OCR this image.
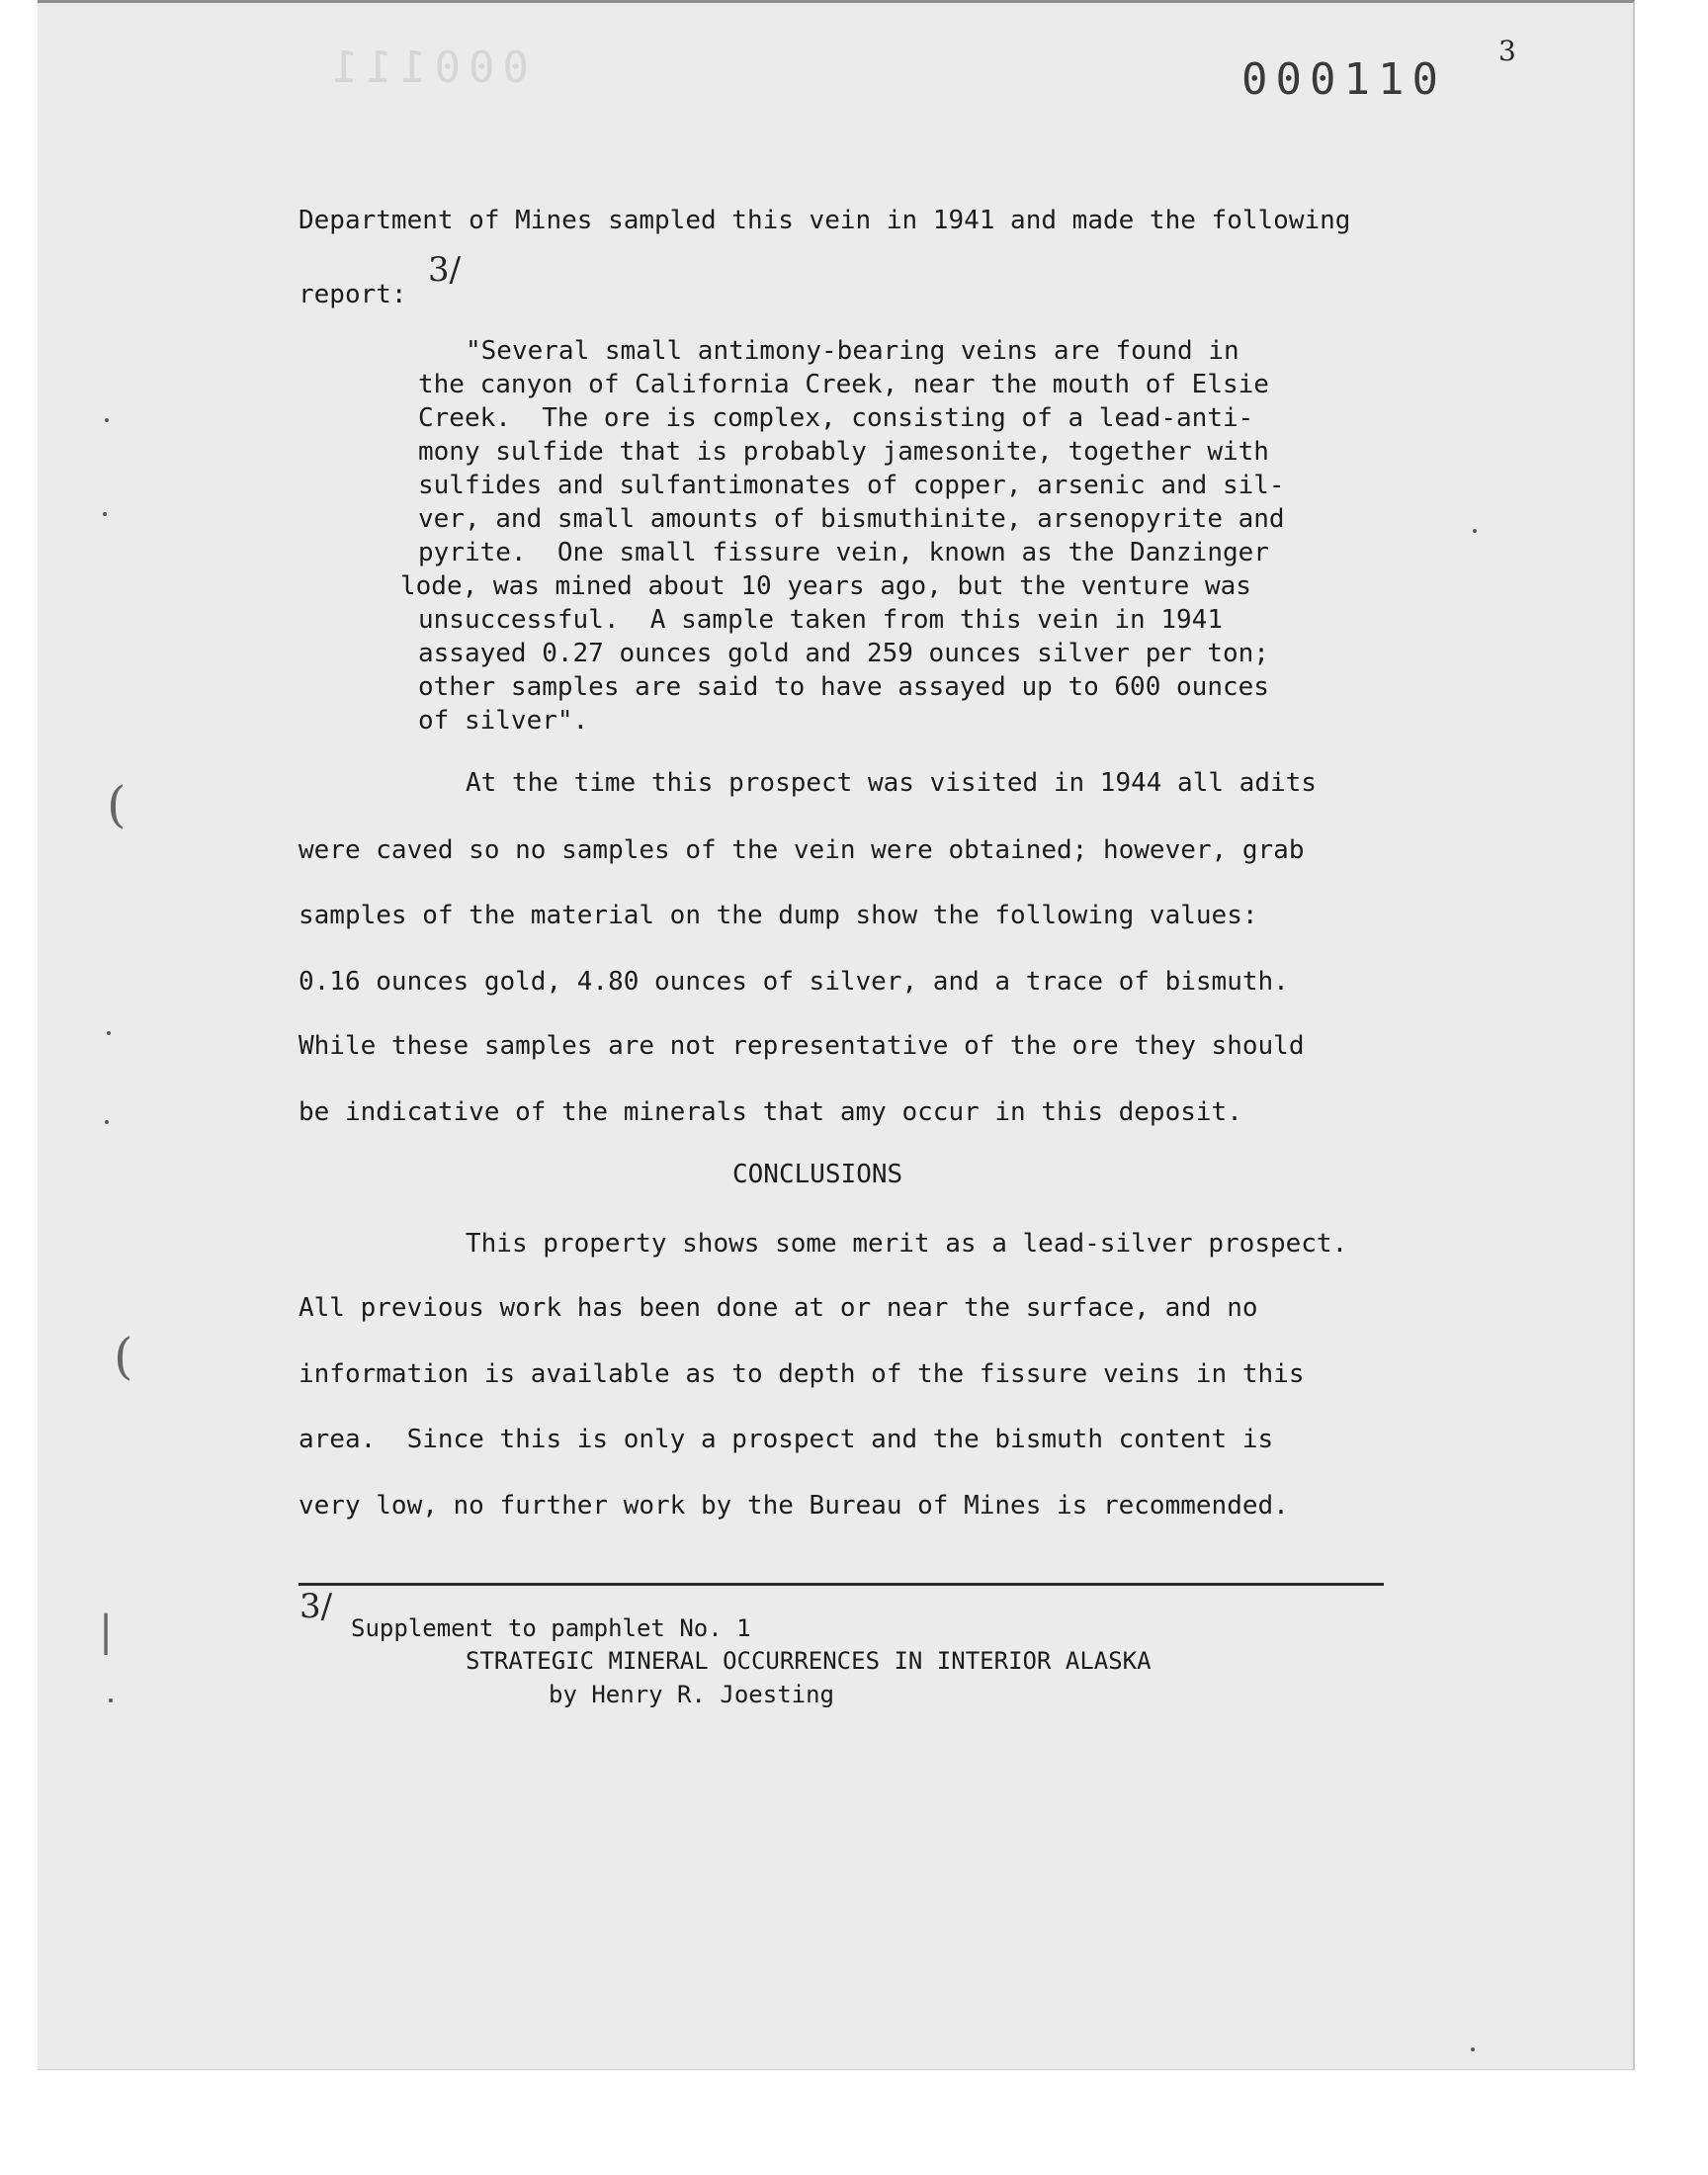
000111	000110
3
Department of Mines sampled this vein in 1941 and made the following
report:
3/
"Several small antimony-bearing veins are found in
the canyon of California Creek, near the mouth of Elsie
Creek.  The ore is complex, consisting of a lead-anti-
mony sulfide that is probably jamesonite, together with
sulfides and sulfantimonates of copper, arsenic and sil-
ver, and small amounts of bismuthinite, arsenopyrite and
pyrite.  One small fissure vein, known as the Danzinger
lode, was mined about 10 years ago, but the venture was
unsuccessful.  A sample taken from this vein in 1941
assayed 0.27 ounces gold and 259 ounces silver per ton;
other samples are said to have assayed up to 600 ounces
of silver".
At the time this prospect was visited in 1944 all adits
were caved so no samples of the vein were obtained; however, grab
samples of the material on the dump show the following values:
0.16 ounces gold, 4.80 ounces of silver, and a trace of bismuth.
While these samples are not representative of the ore they should
be indicative of the minerals that amy occur in this deposit.
CONCLUSIONS
This property shows some merit as a lead-silver prospect.
All previous work has been done at or near the surface, and no
information is available as to depth of the fissure veins in this
area.  Since this is only a prospect and the bismuth content is
very low, no further work by the Bureau of Mines is recommended.
3/
Supplement to pamphlet No. 1
STRATEGIC MINERAL OCCURRENCES IN INTERIOR ALASKA
by Henry R. Joesting
(
(
|
